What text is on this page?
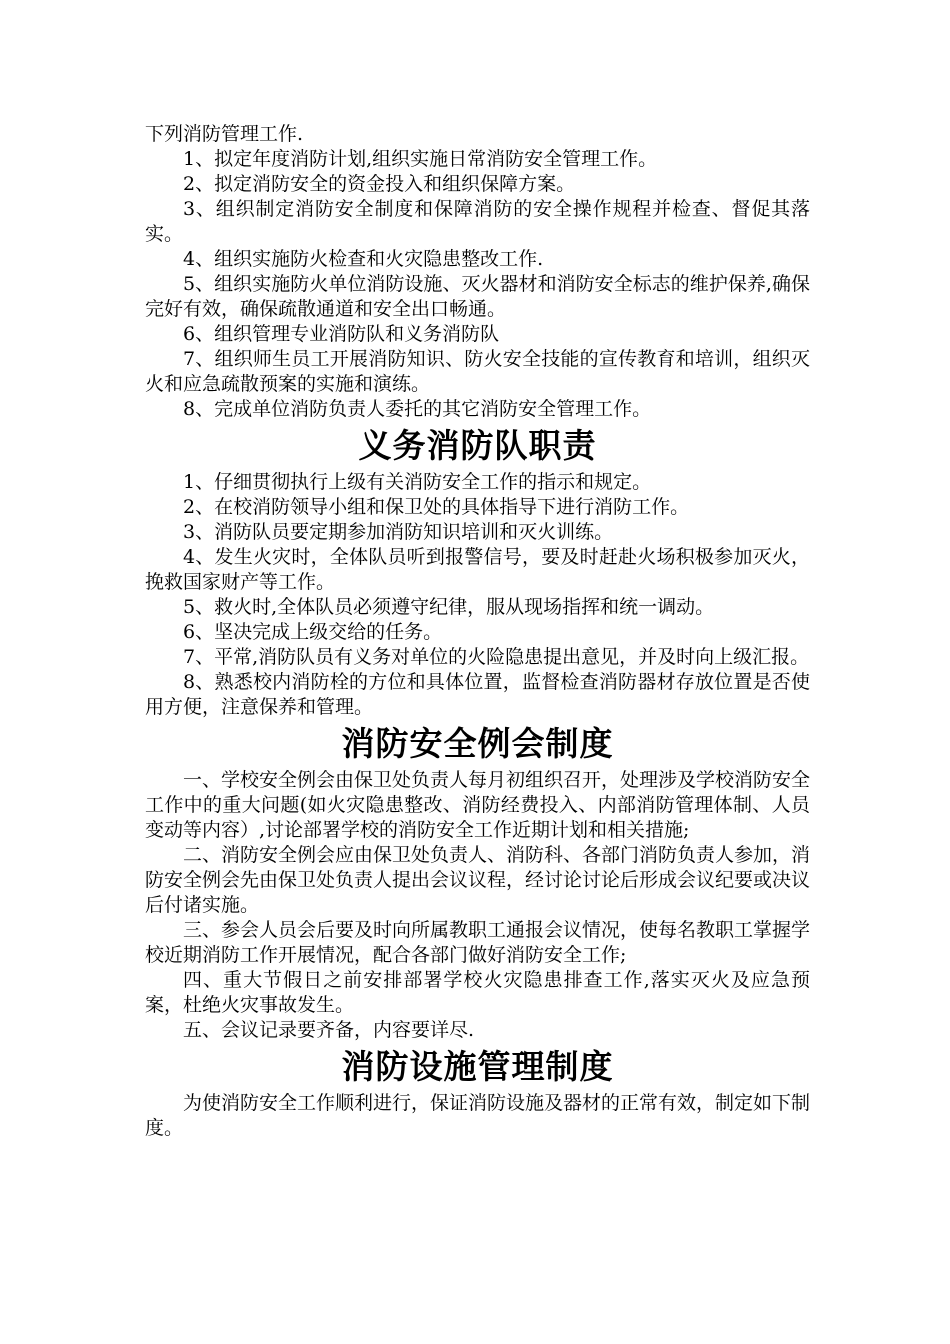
下列消防管理工作.

1、拟定年度消防计划,组织实施日常消防安全管理工作。

2、拟定消防安全的资金投入和组织保障方案。

3、组织制定消防安全制度和保障消防的安全操作规程并检查、督促其落实。

4、组织实施防火检查和火灾隐患整改工作.

5、组织实施防火单位消防设施、灭火器材和消防安全标志的维护保养,确保完好有效，确保疏散通道和安全出口畅通。

6、组织管理专业消防队和义务消防队

7、组织师生员工开展消防知识、防火安全技能的宣传教育和培训，组织灭火和应急疏散预案的实施和演练。

8、完成单位消防负责人委托的其它消防安全管理工作。

义务消防队职责

1、仔细贯彻执行上级有关消防安全工作的指示和规定。

2、在校消防领导小组和保卫处的具体指导下进行消防工作。

3、消防队员要定期参加消防知识培训和灭火训练。

4、发生火灾时，全体队员听到报警信号，要及时赶赴火场积极参加灭火，挽救国家财产等工作。

5、救火时,全体队员必须遵守纪律，服从现场指挥和统一调动。

6、坚决完成上级交给的任务。

7、平常,消防队员有义务对单位的火险隐患提出意见，并及时向上级汇报。

8、熟悉校内消防栓的方位和具体位置，监督检查消防器材存放位置是否使用方便，注意保养和管理。

消防安全例会制度

一、学校安全例会由保卫处负责人每月初组织召开，处理涉及学校消防安全工作中的重大问题(如火灾隐患整改、消防经费投入、内部消防管理体制、人员变动等内容）,讨论部署学校的消防安全工作近期计划和相关措施;

二、消防安全例会应由保卫处负责人、消防科、各部门消防负责人参加，消防安全例会先由保卫处负责人提出会议议程，经讨论讨论后形成会议纪要或决议后付诸实施。

三、参会人员会后要及时向所属教职工通报会议情况，使每名教职工掌握学校近期消防工作开展情况，配合各部门做好消防安全工作;

四、重大节假日之前安排部署学校火灾隐患排查工作,落实灭火及应急预案，杜绝火灾事故发生。

五、会议记录要齐备，内容要详尽.

消防设施管理制度

为使消防安全工作顺利进行，保证消防设施及器材的正常有效，制定如下制度。
